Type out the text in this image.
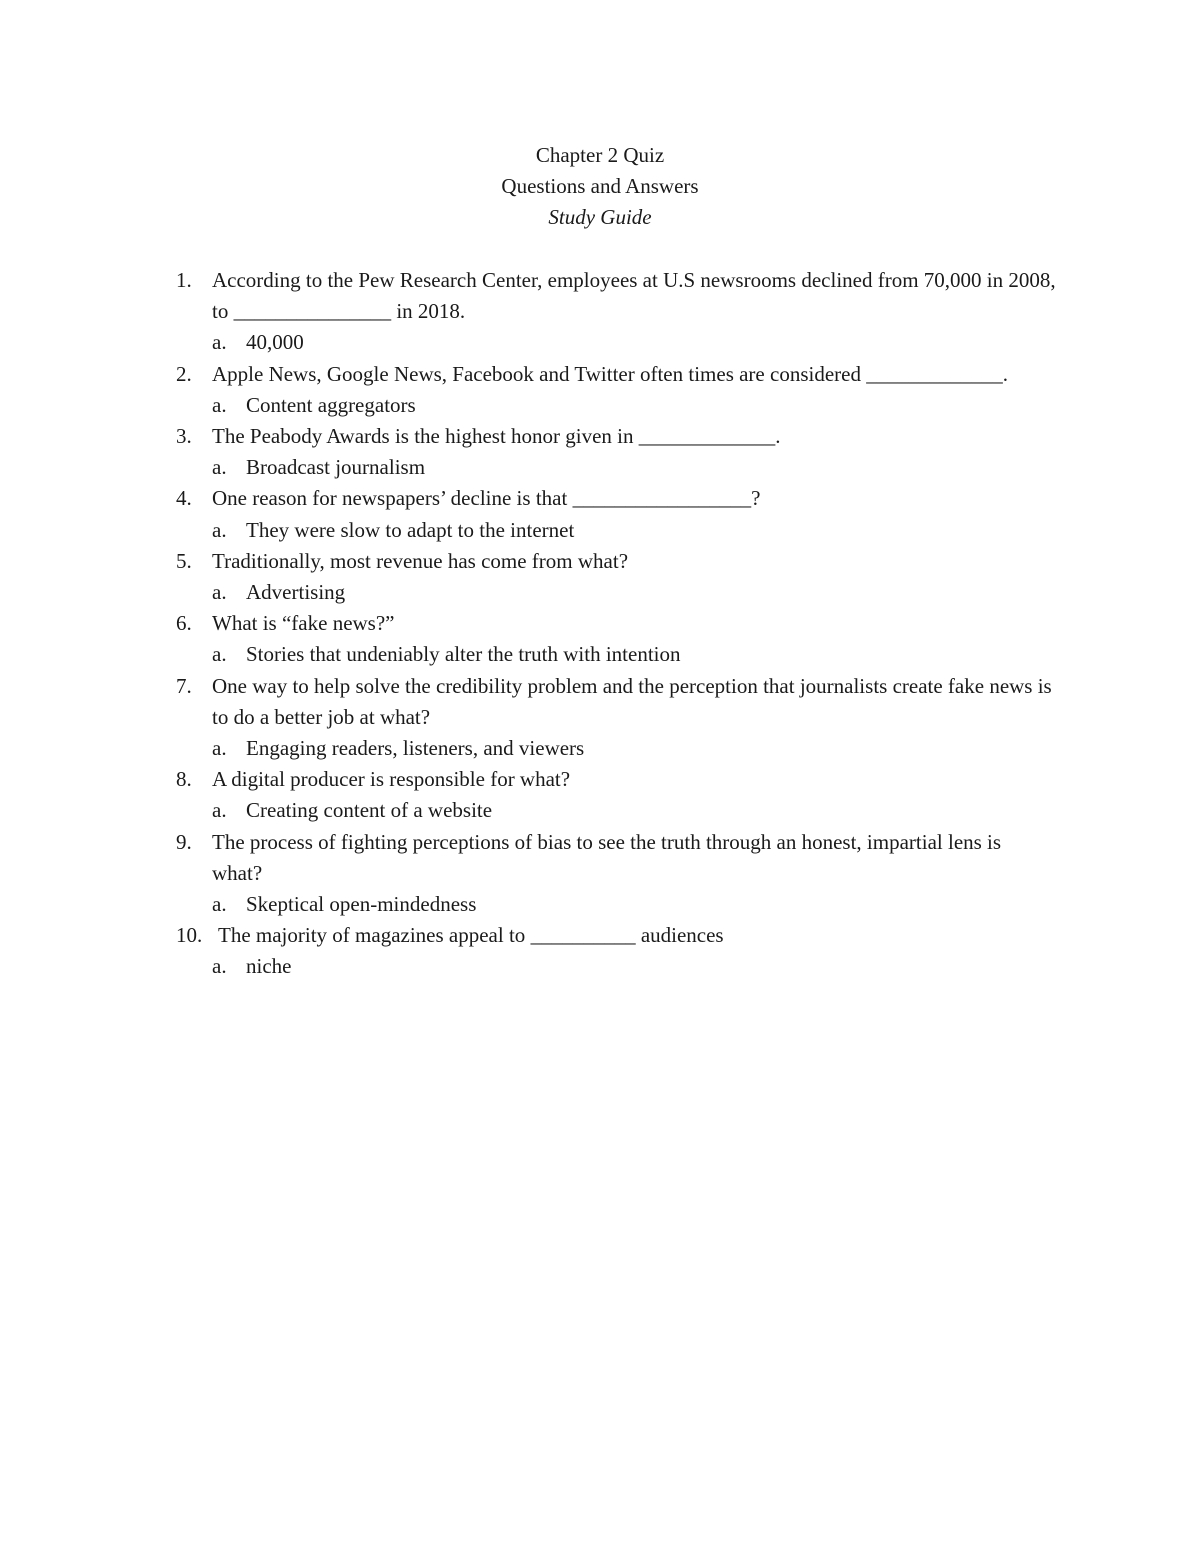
Chapter 2 Quiz
Questions and Answers
Study Guide
1. According to the Pew Research Center, employees at U.S newsrooms declined from 70,000 in 2008, to _______________ in 2018.
a. 40,000
2. Apple News, Google News, Facebook and Twitter often times are considered _____________.
a. Content aggregators
3. The Peabody Awards is the highest honor given in _____________.
a. Broadcast journalism
4. One reason for newspapers’ decline is that _________________?
a. They were slow to adapt to the internet
5. Traditionally, most revenue has come from what?
a. Advertising
6. What is “fake news?”
a. Stories that undeniably alter the truth with intention
7. One way to help solve the credibility problem and the perception that journalists create fake news is to do a better job at what?
a. Engaging readers, listeners, and viewers
8. A digital producer is responsible for what?
a. Creating content of a website
9. The process of fighting perceptions of bias to see the truth through an honest, impartial lens is what?
a. Skeptical open-mindedness
10. The majority of magazines appeal to __________ audiences
a. niche
